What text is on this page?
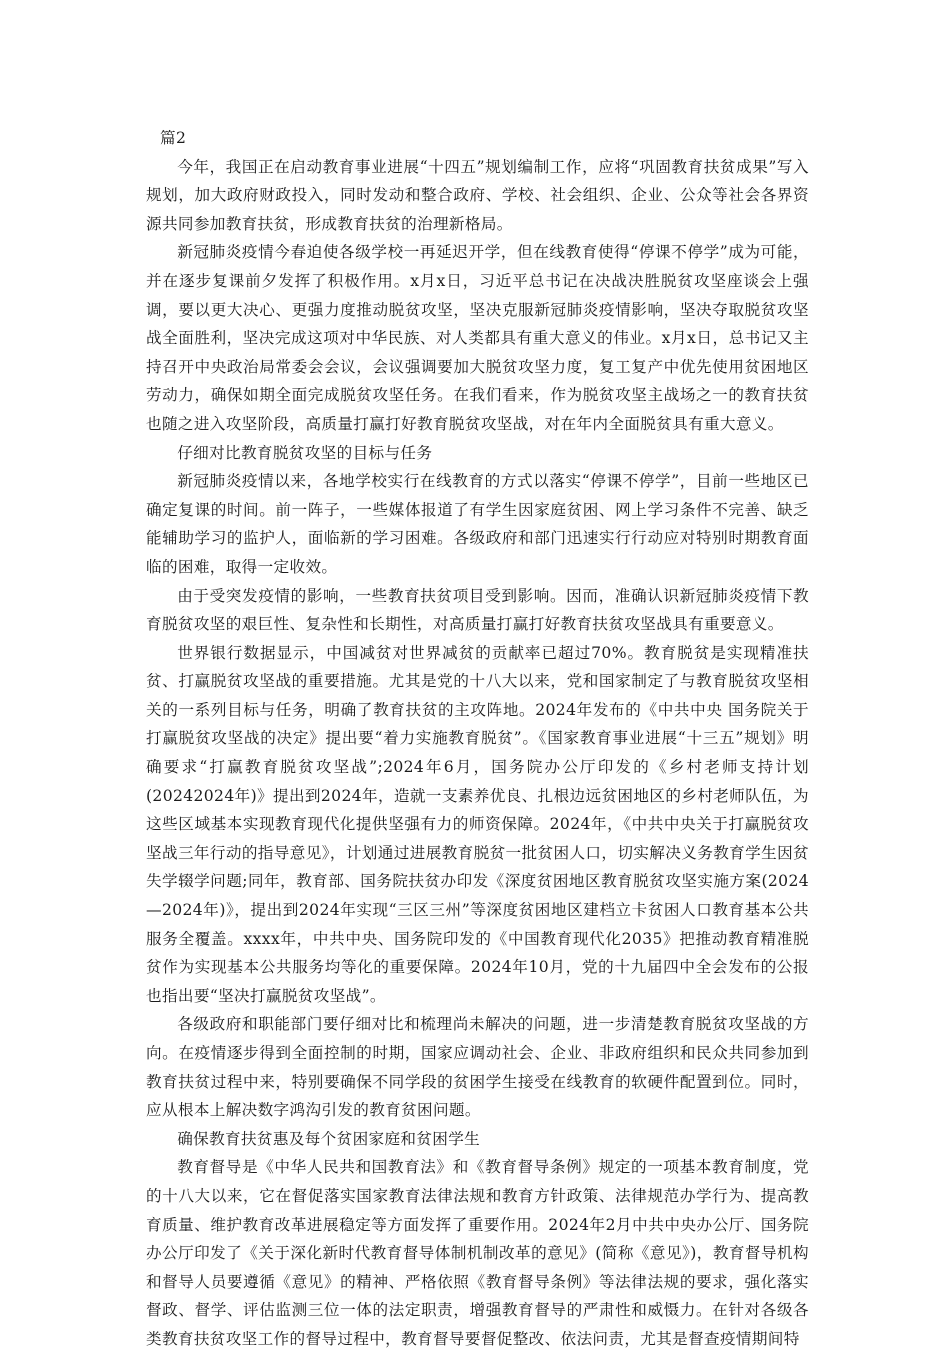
篇2

今年，我国正在启动教育事业进展“十四五”规划编制工作，应将“巩固教育扶贫成果”写入规划，加大政府财政投入，同时发动和整合政府、学校、社会组织、企业、公众等社会各界资源共同参加教育扶贫，形成教育扶贫的治理新格局。

新冠肺炎疫情今春迫使各级学校一再延迟开学，但在线教育使得“停课不停学”成为可能，并在逐步复课前夕发挥了积极作用。x月x日，习近平总书记在决战决胜脱贫攻坚座谈会上强调，要以更大决心、更强力度推动脱贫攻坚，坚决克服新冠肺炎疫情影响，坚决夺取脱贫攻坚战全面胜利，坚决完成这项对中华民族、对人类都具有重大意义的伟业。x月x日，总书记又主持召开中央政治局常委会会议，会议强调要加大脱贫攻坚力度，复工复产中优先使用贫困地区劳动力，确保如期全面完成脱贫攻坚任务。在我们看来，作为脱贫攻坚主战场之一的教育扶贫也随之进入攻坚阶段，高质量打赢打好教育脱贫攻坚战，对在年内全面脱贫具有重大意义。

仔细对比教育脱贫攻坚的目标与任务

新冠肺炎疫情以来，各地学校实行在线教育的方式以落实“停课不停学”，目前一些地区已确定复课的时间。前一阵子，一些媒体报道了有学生因家庭贫困、网上学习条件不完善、缺乏能辅助学习的监护人，面临新的学习困难。各级政府和部门迅速实行行动应对特别时期教育面临的困难，取得一定收效。

由于受突发疫情的影响，一些教育扶贫项目受到影响。因而，准确认识新冠肺炎疫情下教育脱贫攻坚的艰巨性、复杂性和长期性，对高质量打赢打好教育扶贫攻坚战具有重要意义。

世界银行数据显示，中国减贫对世界减贫的贡献率已超过70%。教育脱贫是实现精准扶贫、打赢脱贫攻坚战的重要措施。尤其是党的十八大以来，党和国家制定了与教育脱贫攻坚相关的一系列目标与任务，明确了教育扶贫的主攻阵地。2024年发布的《中共中央 国务院关于打赢脱贫攻坚战的决定》提出要“着力实施教育脱贫”。《国家教育事业进展“十三五”规划》明确要求“打赢教育脱贫攻坚战”;2024年6月，国务院办公厅印发的《乡村老师支持计划(20242024年)》提出到2024年，造就一支素养优良、扎根边远贫困地区的乡村老师队伍，为这些区域基本实现教育现代化提供坚强有力的师资保障。2024年，《中共中央关于打赢脱贫攻坚战三年行动的指导意见》，计划通过进展教育脱贫一批贫困人口，切实解决义务教育学生因贫失学辍学问题;同年，教育部、国务院扶贫办印发《深度贫困地区教育脱贫攻坚实施方案(2024—2024年)》，提出到2024年实现“三区三州”等深度贫困地区建档立卡贫困人口教育基本公共服务全覆盖。xxxx年，中共中央、国务院印发的《中国教育现代化2035》把推动教育精准脱贫作为实现基本公共服务均等化的重要保障。2024年10月，党的十九届四中全会发布的公报也指出要“坚决打赢脱贫攻坚战”。

各级政府和职能部门要仔细对比和梳理尚未解决的问题，进一步清楚教育脱贫攻坚战的方向。在疫情逐步得到全面控制的时期，国家应调动社会、企业、非政府组织和民众共同参加到教育扶贫过程中来，特别要确保不同学段的贫困学生接受在线教育的软硬件配置到位。同时，应从根本上解决数字鸿沟引发的教育贫困问题。

确保教育扶贫惠及每个贫困家庭和贫困学生

教育督导是《中华人民共和国教育法》和《教育督导条例》规定的一项基本教育制度，党的十八大以来，它在督促落实国家教育法律法规和教育方针政策、法律规范办学行为、提高教育质量、维护教育改革进展稳定等方面发挥了重要作用。2024年2月中共中央办公厅、国务院办公厅印发了《关于深化新时代教育督导体制机制改革的意见》(简称《意见》)，教育督导机构和督导人员要遵循《意见》的精神、严格依照《教育督导条例》等法律法规的要求，强化落实督政、督学、评估监测三位一体的法定职责，增强教育督导的严肃性和威慑力。在针对各级各类教育扶贫攻坚工作的督导过程中，教育督导要督促整改、依法问责，尤其是督查疫情期间特
